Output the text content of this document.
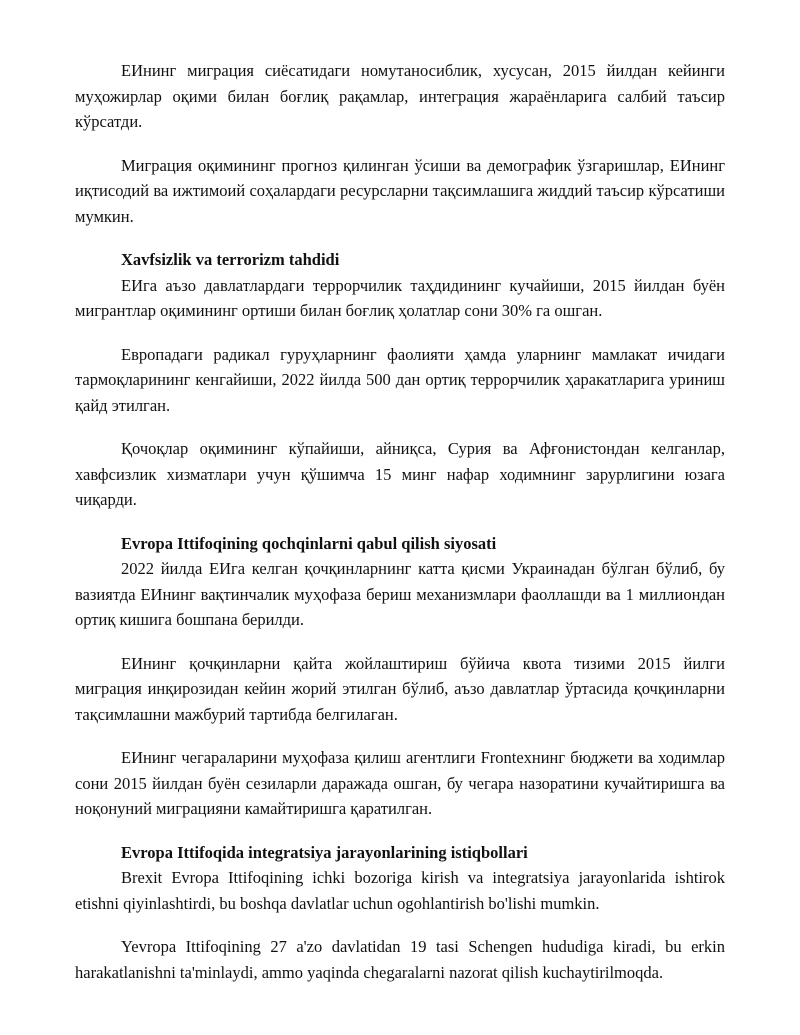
ЕИнинг миграция сиёсатидаги номутаносиблик, хусусан, 2015 йилдан кейинги муҳожирлар оқими билан боғлиқ рақамлар, интеграция жараёнларига салбий таъсир кўрсатди.

Миграция оқимининг прогноз қилинган ўсиши ва демографик ўзгаришлар, ЕИнинг иқтисодий ва ижтимоий соҳалардаги ресурсларни тақсимлашига жиддий таъсир кўрсатиши мумкин.

Xavfsizlik va terrorizm tahdidi

ЕИга аъзо давлатлардаги террорчилик таҳдидининг кучайиши, 2015 йилдан буён мигрантлар оқимининг ортиши билан боғлиқ ҳолатлар сони 30% га ошган.

Европадаги радикал гуруҳларнинг фаолияти ҳамда уларнинг мамлакат ичидаги тармоқларининг кенгайиши, 2022 йилда 500 дан ортиқ террорчилик ҳаракатларига уриниш қайд этилган.

Қочоқлар оқимининг кўпайиши, айниқса, Сурия ва Афғонистондан келганлар, хавфсизлик хизматлари учун қўшимча 15 минг нафар ходимнинг зарурлигини юзага чиқарди.

Evropa Ittifoqining qochqinlarni qabul qilish siyosati

2022 йилда ЕИга келган қочқинларнинг катта қисми Украинадан бўлган бўлиб, бу вазиятда ЕИнинг вақтинчалик муҳофаза бериш механизмлари фаоллашди ва 1 миллиондан ортиқ кишига бошпана берилди.

ЕИнинг қочқинларни қайта жойлаштириш бўйича квота тизими 2015 йилги миграция инқирозидан кейин жорий этилган бўлиб, аъзо давлатлар ўртасида қочқинларни тақсимлашни мажбурий тартибда белгилаган.

ЕИнинг чегараларини муҳофаза қилиш агентлиги Frontexнинг бюджети ва ходимлар сони 2015 йилдан буён сезиларли даражада ошган, бу чегара назоратини кучайтиришга ва ноқонуний миграцияни камайтиришга қаратилган.

Evropa Ittifoqida integratsiya jarayonlarining istiqbollari

Brexit Evropa Ittifoqining ichki bozoriga kirish va integratsiya jarayonlarida ishtirok etishni qiyinlashtirdi, bu boshqa davlatlar uchun ogohlantirish bo'lishi mumkin.

Yevropa Ittifoqining 27 a'zo davlatidan 19 tasi Schengen hududiga kiradi, bu erkin harakatlanishni ta'minlaydi, ammo yaqinda chegaralarni nazorat qilish kuchaytirilmoqda.
